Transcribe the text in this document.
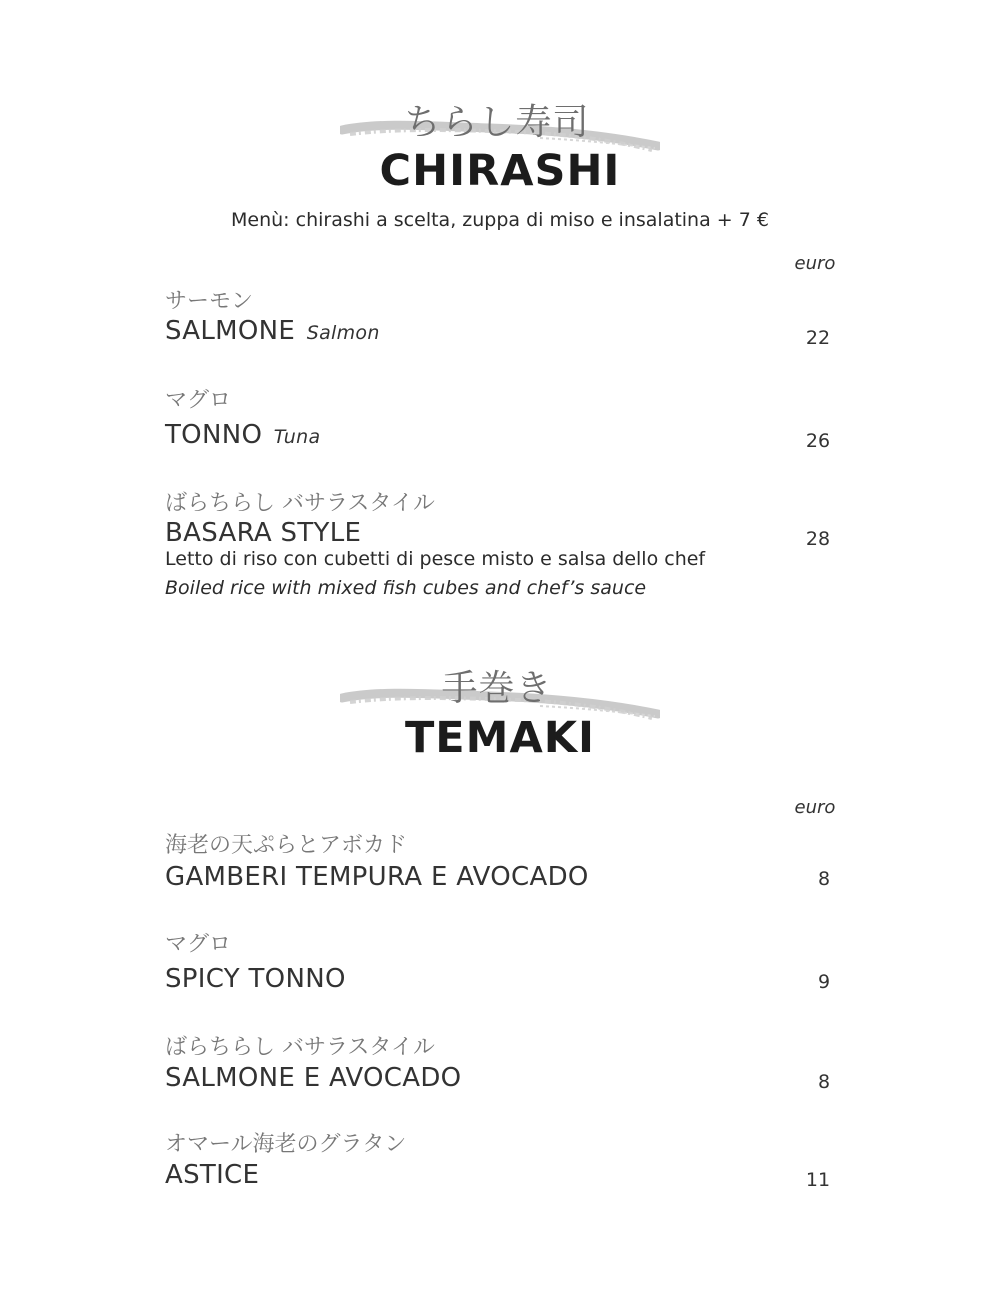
ちらし寿司
CHIRASHI
Menù: chirashi a scelta, zuppa di miso e insalatina + 7 €
euro
サーモン
SALMONE Salmon	22
マグロ
TONNO Tuna	26
ばらちらし バサラスタイル
BASARA STYLE	28
Letto di riso con cubetti di pesce misto e salsa dello chef
Boiled rice with mixed fish cubes and chef’s sauce
手巻き
TEMAKI
euro
海老の天ぷらとアボカド
GAMBERI TEMPURA E AVOCADO	8
マグロ
SPICY TONNO	9
ばらちらし バサラスタイル
SALMONE E AVOCADO	8
オマール海老のグラタン
ASTICE	11
